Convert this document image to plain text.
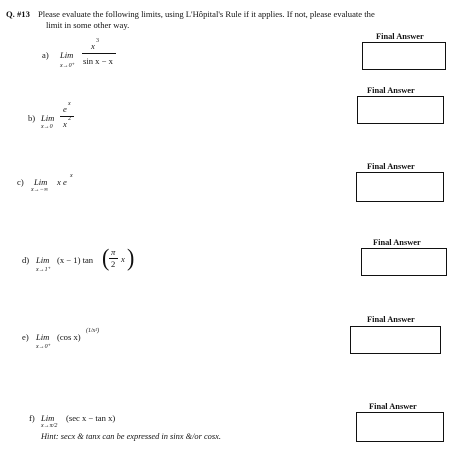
Q. #13 Please evaluate the following limits, using L'Hôpital's Rule if it applies. If not, please evaluate the
limit in some other way.
a) Lim
x→0⁺
x 3
sin x − x
Final Answer
b) Lim
x→0
e x
x 2
Final Answer
c) Lim
x→−∞
x e
x
Final Answer
d) Lim
x→1⁺
(x − 1) tan ( π
2 x )
Final Answer
e) Lim
x→0⁺
(cos x)
(1/x²)
Final Answer
f) Lim
x→π/2
(sec x − tan x)
Hint: secx & tanx can be expressed in sinx &/or cosx.
Final Answer
